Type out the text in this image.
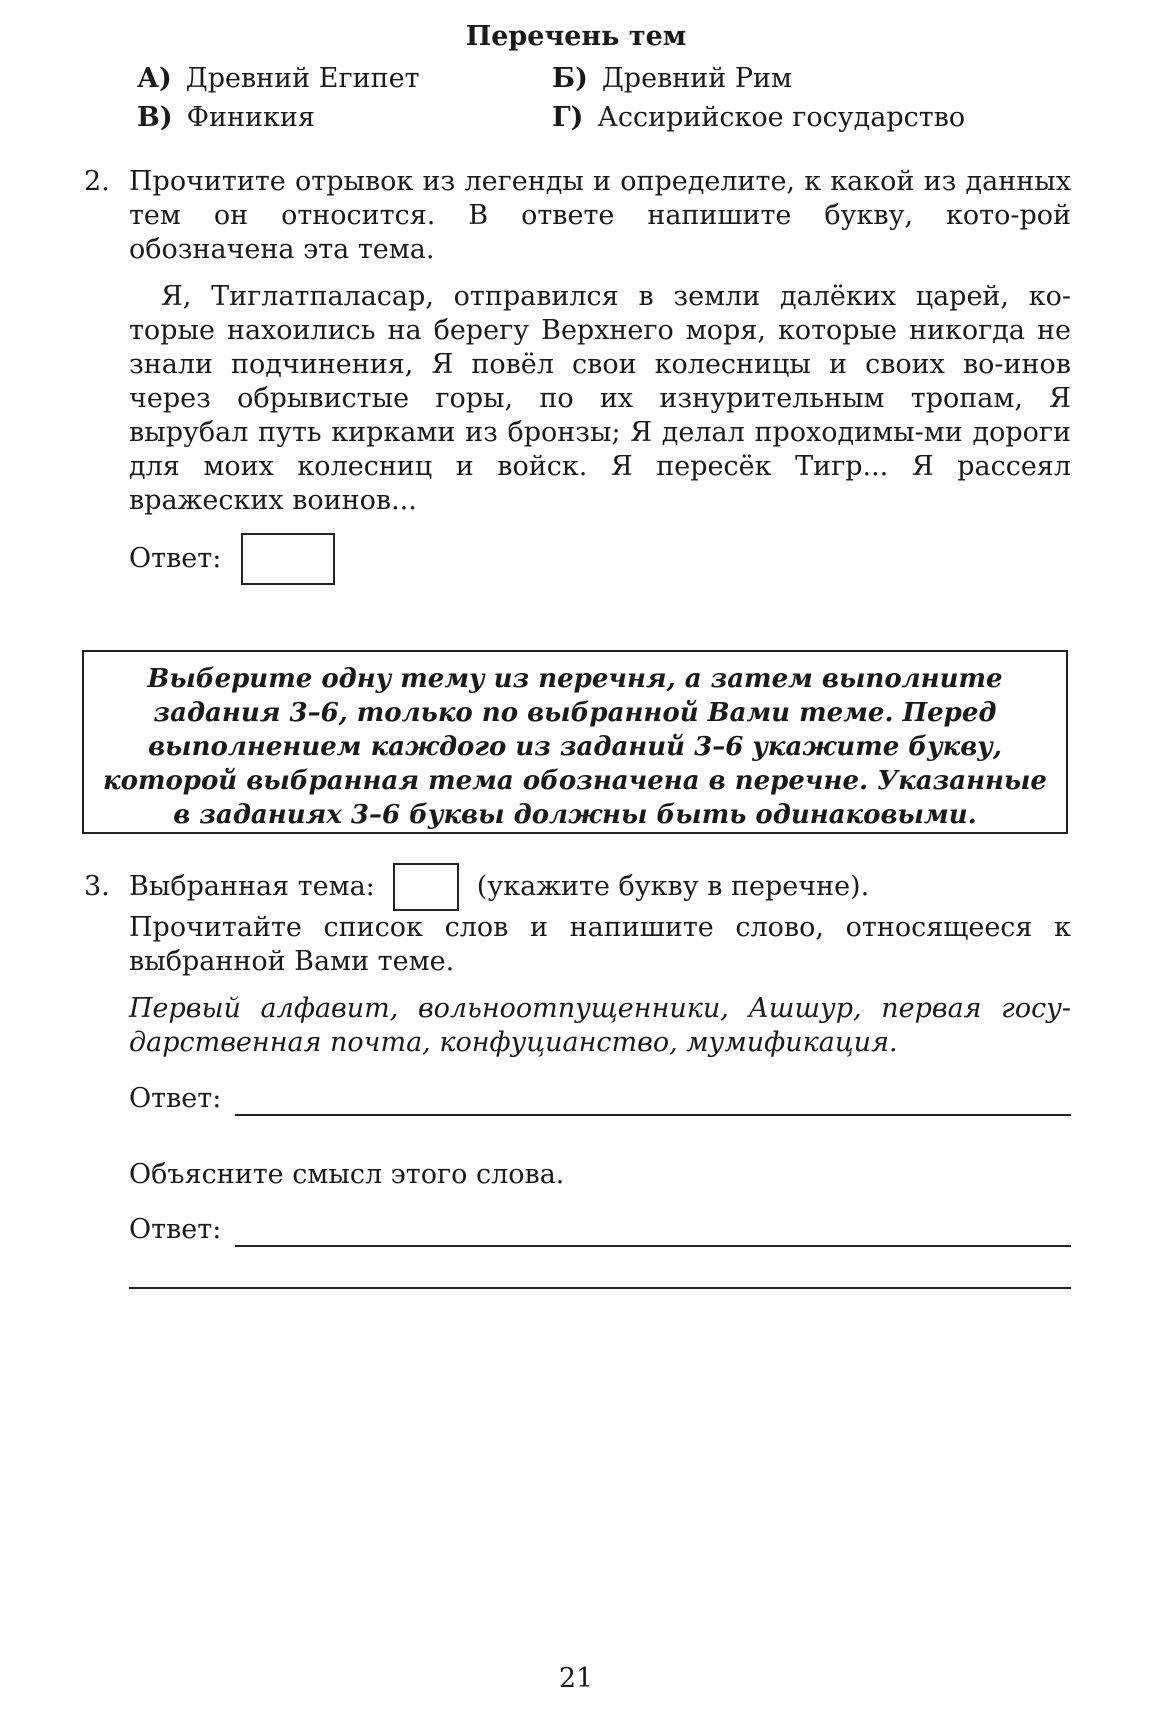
Перечень тем
А) Древний Египет	Б) Древний Рим
В) Финикия	Г) Ассирийское государство
2. Прочитите отрывок из легенды и определите, к какой из данных тем он относится. В ответе напишите букву, кото-рой обозначена эта тема.
Я, Тиглатпаласар, отправился в земли далёких царей, ко-торые нахоились на берегу Верхнего моря, которые никогда не знали подчинения, Я повёл свои колесницы и своих во-инов через обрывистые горы, по их изнурительным тропам, Я вырубал путь кирками из бронзы; Я делал проходимы-ми дороги для моих колесниц и войск. Я пересёк Тигр... Я рассеял вражеских воинов...
Ответ:
Выберите одну тему из перечня, а затем выполните задания 3–6, только по выбранной Вами теме. Перед выполнением каждого из заданий 3–6 укажите букву, которой выбранная тема обозначена в перечне. Указанные в заданиях 3–6 буквы должны быть одинаковыми.
3. Выбранная тема:	(укажите букву в перечне).
Прочитайте список слов и напишите слово, относящееся к выбранной Вами теме.
Первый алфавит, вольноотпущенники, Ашшур, первая госу-дарственная почта, конфуцианство, мумификация.
Ответ:
Объясните смысл этого слова.
Ответ:
21
